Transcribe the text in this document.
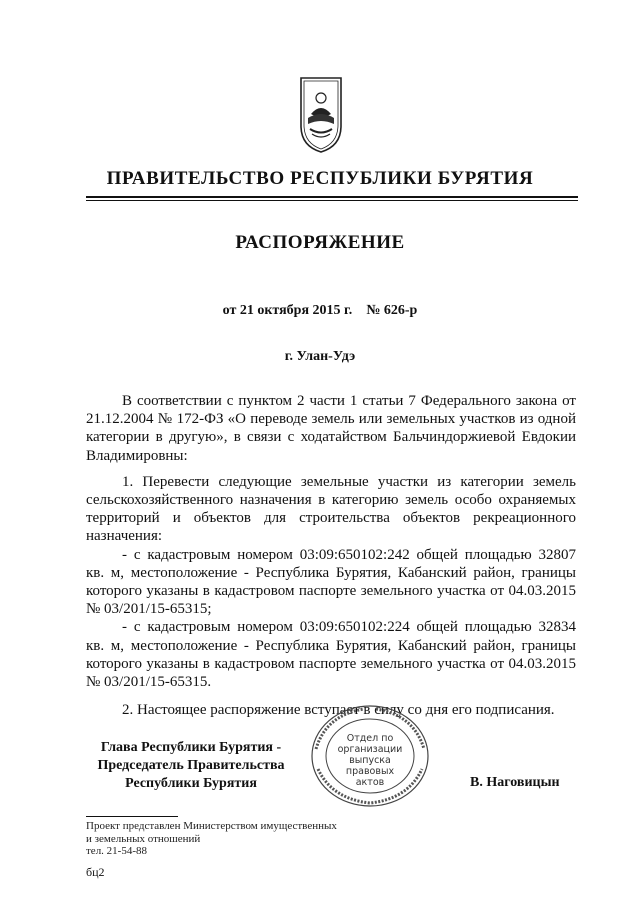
ПРАВИТЕЛЬСТВО РЕСПУБЛИКИ БУРЯТИЯ
РАСПОРЯЖЕНИЕ
от 21 октября 2015 г. № 626-р
г. Улан-Удэ

В соответствии с пунктом 2 части 1 статьи 7 Федерального закона от 21.12.2004 № 172-ФЗ «О переводе земель или земельных участков из одной категории в другую», в связи с ходатайством Бальчиндоржиевой Евдокии Владимировны:

1. Перевести следующие земельные участки из категории земель сельскохозяйственного назначения в категорию земель особо охраняемых территорий и объектов для строительства объектов рекреационного назначения:

- с кадастровым номером 03:09:650102:242 общей площадью 32807 кв. м, местоположение - Республика Бурятия, Кабанский район, границы которого указаны в кадастровом паспорте земельного участка от 04.03.2015 № 03/201/15-65315;

- с кадастровым номером 03:09:650102:224 общей площадью 32834 кв. м, местоположение - Республика Бурятия, Кабанский район, границы которого указаны в кадастровом паспорте земельного участка от 04.03.2015 № 03/201/15-65315.

2. Настоящее распоряжение вступает в силу со дня его подписания.

Глава Республики Бурятия -
Председатель Правительства
Республики Бурятия
Отдел по
организации
выпуска
правовых
актов	В. Наговицын
Проект представлен Министерством имущественных
и земельных отношений
тел. 21-54-88
бц2
